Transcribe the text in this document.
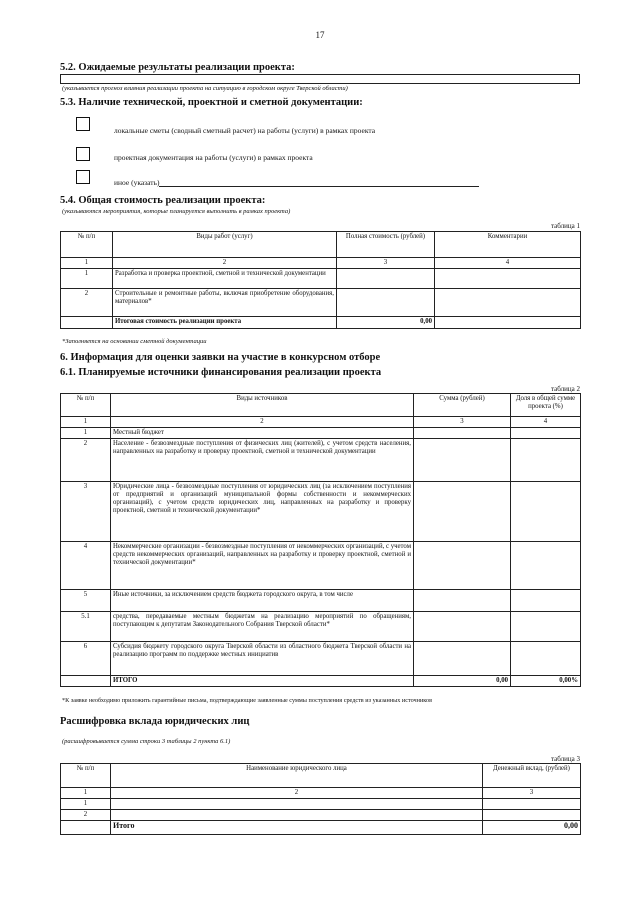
17
5.2. Ожидаемые результаты реализации проекта:
(указывается прогноз влияния реализации проекта на ситуацию в городском округе Тверской области)
5.3. Наличие технической, проектной и сметной документации:
локальные сметы (сводный сметный расчет) на работы (услуги) в рамках проекта
проектная документация на работы (услуги) в рамках проекта
иное (указать)
5.4. Общая стоимость реализации проекта:
(указываются мероприятия, которые планируется выполнить в рамках проекта)
таблица 1
№ п/п	Виды работ (услуг)	Полная стоимость (рублей)	Комментарии
1	2	3	4
1	Разработка и проверка проектной, сметной и технической документации		
2	Строительные и ремонтные работы, включая приобретение оборудования, материалов*		
	Итоговая стоимость реализации проекта	0,00	
*Заполняется на основании сметной документации
6. Информация для оценки заявки на участие в конкурсном отборе
6.1. Планируемые источники финансирования реализации проекта
таблица 2
№ п/п	Виды источников	Сумма (рублей)	Доля в общей сумме проекта (%)
1	2	3	4
1	Местный бюджет		
2	Население - безвозмездные поступления от физических лиц (жителей), с учетом средств населения, направленных на разработку и проверку проектной, сметной и технической документации		
3	Юридические лица - безвозмездные поступления от юридических лиц (за исключением поступления от предприятий и организаций муниципальной формы собственности и некоммерческих организаций), с учетом средств юридических лиц, направленных на разработку и проверку проектной, сметной и технической документации*		
4	Некоммерческие организации - безвозмездные поступления от некоммерческих организаций, с учетом средств некоммерческих организаций, направленных на разработку и проверку проектной, сметной и технической документации*		
5	Иные источники, за исключением средств бюджета городского округа, в том числе		
5.1	средства, передаваемые местным бюджетам на реализацию мероприятий по обращениям, поступающим к депутатам Законодательного Собрания Тверской области*		
6	Субсидия бюджету городского округа Тверской области из областного бюджета Тверской области на реализацию программ по поддержке местных инициатив		
	ИТОГО	0,00	0,00%
*К заявке необходимо приложить гарантийные письма, подтверждающие заявленные суммы поступления средств из указанных источников
Расшифровка вклада юридических лиц
(расшифровывается сумма строки 3 таблицы 2 пункта 6.1)
таблица 3
№ п/п	Наименование юридического лица	Денежный вклад, (рублей)
1	2	3
1		
2		
	Итого	0,00
